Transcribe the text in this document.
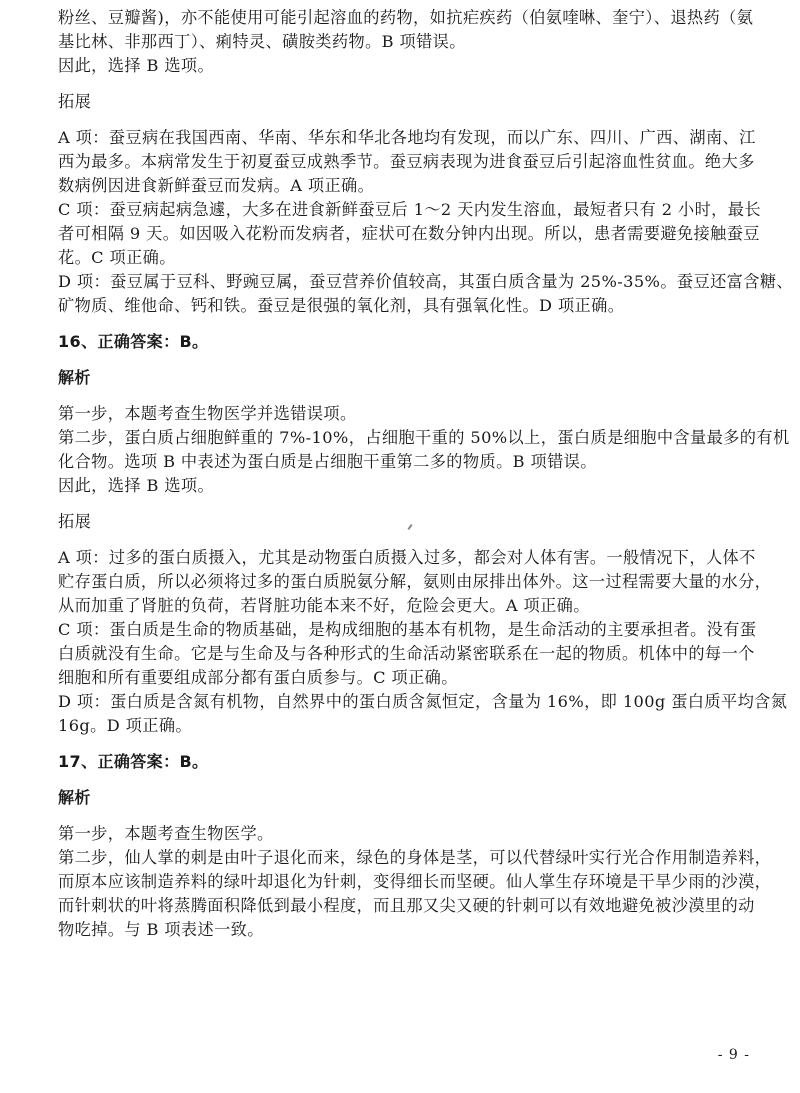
粉丝、豆瓣酱)，亦不能使用可能引起溶血的药物，如抗疟疾药（伯氨喹啉、奎宁）、退热药（氨
基比林、非那西丁）、痢特灵、磺胺类药物。B 项错误。
因此，选择 B 选项。
拓展
A 项：蚕豆病在我国西南、华南、华东和华北各地均有发现，而以广东、四川、广西、湖南、江
西为最多。本病常发生于初夏蚕豆成熟季节。蚕豆病表现为进食蚕豆后引起溶血性贫血。绝大多
数病例因进食新鲜蚕豆而发病。A 项正确。
C 项：蚕豆病起病急遽，大多在进食新鲜蚕豆后 1～2 天内发生溶血，最短者只有 2 小时，最长
者可相隔 9 天。如因吸入花粉而发病者，症状可在数分钟内出现。所以，患者需要避免接触蚕豆
花。C 项正确。
D 项：蚕豆属于豆科、野豌豆属，蚕豆营养价值较高，其蛋白质含量为 25%-35%。蚕豆还富含糖、
矿物质、维他命、钙和铁。蚕豆是很强的氧化剂，具有强氧化性。D 项正确。
16、正确答案：B。
解析
第一步，本题考查生物医学并选错误项。
第二步，蛋白质占细胞鲜重的 7%-10%，占细胞干重的 50%以上，蛋白质是细胞中含量最多的有机
化合物。选项 B 中表述为蛋白质是占细胞干重第二多的物质。B 项错误。
因此，选择 B 选项。
拓展
A 项：过多的蛋白质摄入，尤其是动物蛋白质摄入过多，都会对人体有害。一般情况下，人体不
贮存蛋白质，所以必须将过多的蛋白质脱氨分解，氨则由尿排出体外。这一过程需要大量的水分，
从而加重了肾脏的负荷，若肾脏功能本来不好，危险会更大。A 项正确。
C 项：蛋白质是生命的物质基础，是构成细胞的基本有机物，是生命活动的主要承担者。没有蛋
白质就没有生命。它是与生命及与各种形式的生命活动紧密联系在一起的物质。机体中的每一个
细胞和所有重要组成部分都有蛋白质参与。C 项正确。
D 项：蛋白质是含氮有机物，自然界中的蛋白质含氮恒定，含量为 16%，即 100g 蛋白质平均含氮
16g。D 项正确。
17、正确答案：B。
解析
第一步，本题考查生物医学。
第二步，仙人掌的刺是由叶子退化而来，绿色的身体是茎，可以代替绿叶实行光合作用制造养料，
而原本应该制造养料的绿叶却退化为针刺，变得细长而坚硬。仙人掌生存环境是干旱少雨的沙漠，
而针刺状的叶将蒸腾面积降低到最小程度，而且那又尖又硬的针刺可以有效地避免被沙漠里的动
物吃掉。与 B 项表述一致。
- 9 -
